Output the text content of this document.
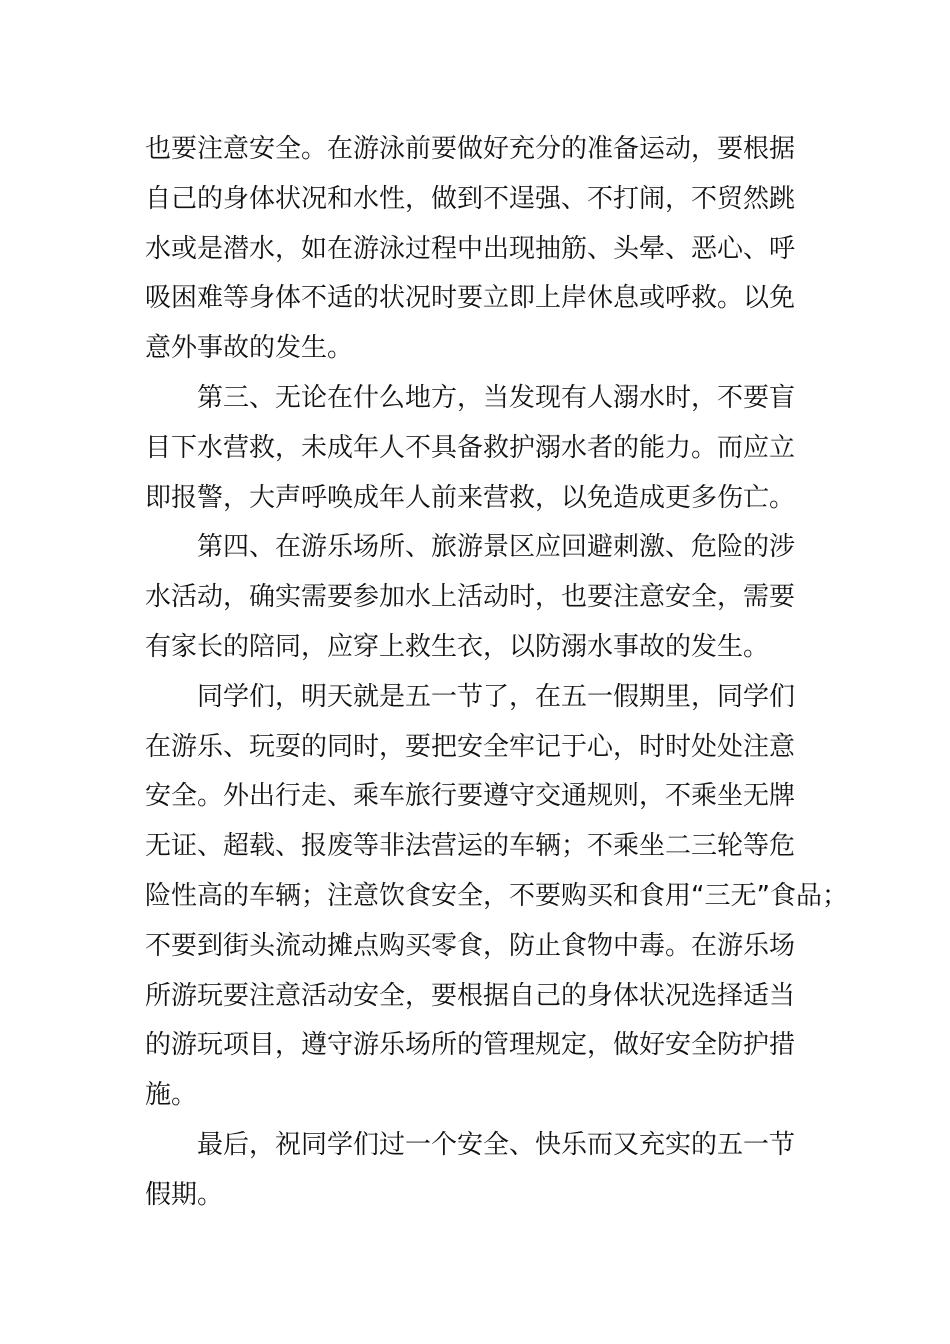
也要注意安全。在游泳前要做好充分的准备运动，要根据
自己的身体状况和水性，做到不逞强、不打闹，不贸然跳
水或是潜水，如在游泳过程中出现抽筋、头晕、恶心、呼
吸困难等身体不适的状况时要立即上岸休息或呼救。以免
意外事故的发生。
　　第三、无论在什么地方，当发现有人溺水时，不要盲
目下水营救，未成年人不具备救护溺水者的能力。而应立
即报警，大声呼唤成年人前来营救，以免造成更多伤亡。
　　第四、在游乐场所、旅游景区应回避刺激、危险的涉
水活动，确实需要参加水上活动时，也要注意安全，需要
有家长的陪同，应穿上救生衣，以防溺水事故的发生。
　　同学们，明天就是五一节了，在五一假期里，同学们
在游乐、玩耍的同时，要把安全牢记于心，时时处处注意
安全。外出行走、乘车旅行要遵守交通规则，不乘坐无牌
无证、超载、报废等非法营运的车辆；不乘坐二三轮等危
险性高的车辆；注意饮食安全，不要购买和食用“三无”食品；
不要到街头流动摊点购买零食，防止食物中毒。在游乐场
所游玩要注意活动安全，要根据自己的身体状况选择适当
的游玩项目，遵守游乐场所的管理规定，做好安全防护措
施。
　　最后，祝同学们过一个安全、快乐而又充实的五一节
假期。
